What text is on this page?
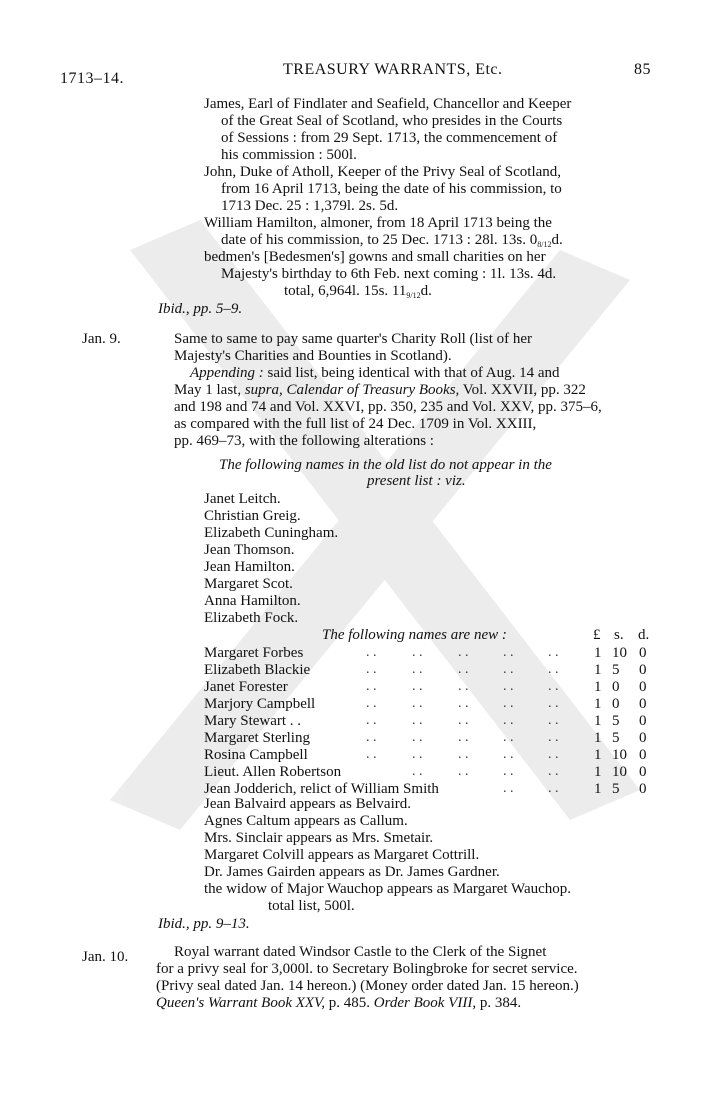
1713–14.
TREASURY WARRANTS, Etc.	85
James, Earl of Findlater and Seafield, Chancellor and Keeper
of the Great Seal of Scotland, who presides in the Courts
of Sessions : from 29 Sept. 1713, the commencement of
his commission : 500l.
John, Duke of Atholl, Keeper of the Privy Seal of Scotland,
from 16 April 1713, being the date of his commission, to
1713 Dec. 25 : 1,379l. 2s. 5d.
William Hamilton, almoner, from 18 April 1713 being the
date of his commission, to 25 Dec. 1713 : 28l. 13s. 0 8/12 d.
bedmen's [Bedesmen's] gowns and small charities on her
Majesty's birthday to 6th Feb. next coming : 1l. 13s. 4d.
total, 6,964l. 15s. 11 9/12 d.
Ibid., pp. 5–9.
Jan. 9.	Same to same to pay same quarter's Charity Roll (list of her
Majesty's Charities and Bounties in Scotland).
Appending : said list, being identical with that of Aug. 14 and
May 1 last, supra, Calendar of Treasury Books, Vol. XXVII, pp. 322
and 198 and 74 and Vol. XXVI, pp. 350, 235 and Vol. XXV, pp. 375–6,
as compared with the full list of 24 Dec. 1709 in Vol. XXIII,
pp. 469–73, with the following alterations :
The following names in the old list do not appear in the
present list : viz.
Janet Leitch.
Christian Greig.
Elizabeth Cuningham.
Jean Thomson.
Jean Hamilton.
Margaret Scot.
Anna Hamilton.
Elizabeth Fock.
The following names are new :	£ s. d.
Margaret Forbes	. .	. .	. . . . . . 1 10 0
Elizabeth Blackie	. .	. .	. . . . . . 1 5 0
Janet Forester	. .	. .	. . . . . . 1 0 0
Marjory Campbell	. .	. .	. . . . . . 1 0 0
Mary Stewart . .	. .	. .	. . . . . . 1 5 0
Margaret Sterling	. .	. .	. . . . . . 1 5 0
Rosina Campbell	. .	. .	. . . . . . 1 10 0
Lieut. Allen Robertson	. .	. . . . . . 1 10 0
Jean Jodderich, relict of William Smith	. . . . 1 5 0
Jean Balvaird appears as Belvaird.
Agnes Caltum appears as Callum.
Mrs. Sinclair appears as Mrs. Smetair.
Margaret Colvill appears as Margaret Cottrill.
Dr. James Gairden appears as Dr. James Gardner.
the widow of Major Wauchop appears as Margaret Wauchop.
total list, 500l.
Ibid., pp. 9–13.
Jan. 10.	Royal warrant dated Windsor Castle to the Clerk of the Signet
for a privy seal for 3,000l. to Secretary Bolingbroke for secret service.
(Privy seal dated Jan. 14 hereon.) (Money order dated Jan. 15 hereon.)
Queen's Warrant Book XXV, p. 485. Order Book VIII, p. 384.
